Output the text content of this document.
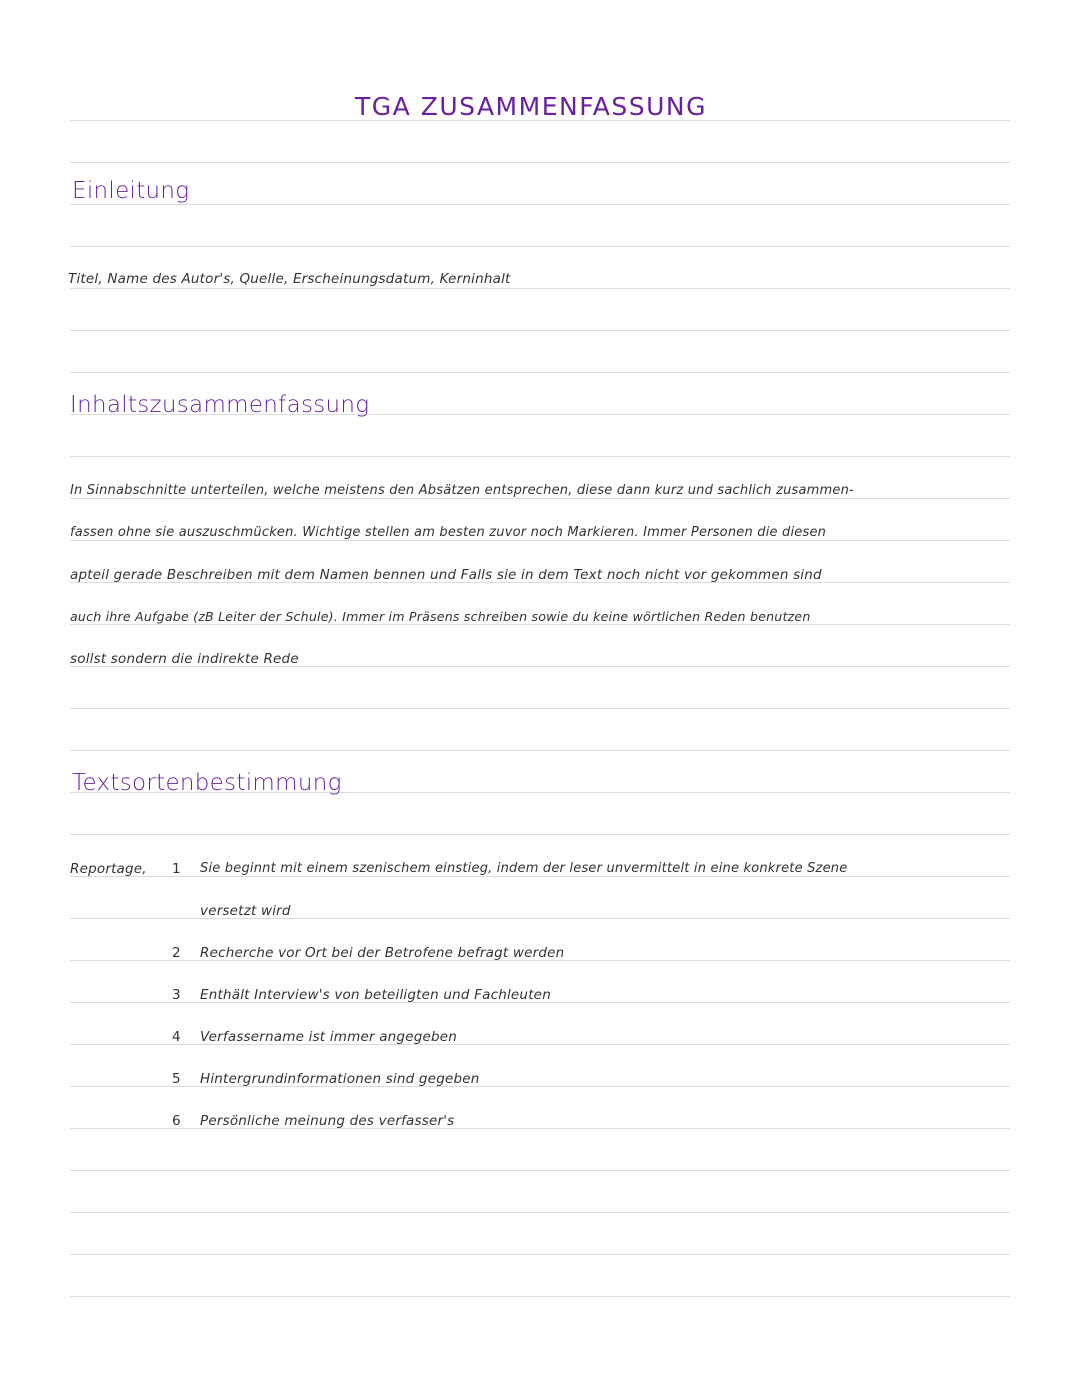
TGA ZUSAMMENFASSUNG
Einleitung
Titel, Name des Autor's, Quelle, Erscheinungsdatum, Kerninhalt
Inhaltszusammenfassung
In Sinnabschnitte unterteilen, welche meistens den Absätzen entsprechen, diese dann kurz und sachlich zusammen-
fassen ohne sie auszuschmücken. Wichtige stellen am besten zuvor noch Markieren. Immer Personen die diesen
apteil gerade Beschreiben mit dem Namen bennen und Falls sie in dem Text noch nicht vor gekommen sind
auch ihre Aufgabe (zB Leiter der Schule). Immer im Präsens schreiben sowie du keine wörtlichen Reden benutzen
sollst sondern die indirekte Rede
Textsortenbestimmung
Reportage, 1 Sie beginnt mit einem szenischem einstieg, indem der leser unvermittelt in eine konkrete Szene
versetzt wird
2 Recherche vor Ort bei der Betrofene befragt werden
3 Enthält Interview's von beteiligten und Fachleuten
4 Verfassername ist immer angegeben
5 Hintergrundinformationen sind gegeben
6 Persönliche meinung des verfasser's
